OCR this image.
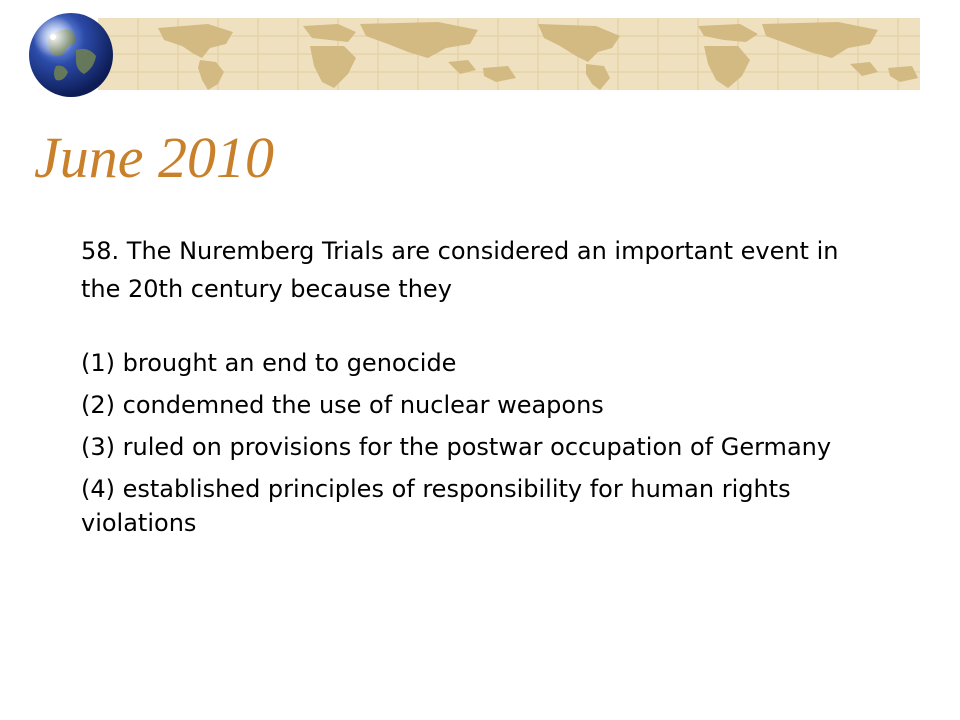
June 2010

58. The Nuremberg Trials are considered an important event in the 20th century because they

(1) brought an end to genocide
(2) condemned the use of nuclear weapons
(3) ruled on provisions for the postwar occupation of Germany
(4) established principles of responsibility for human rights violations
